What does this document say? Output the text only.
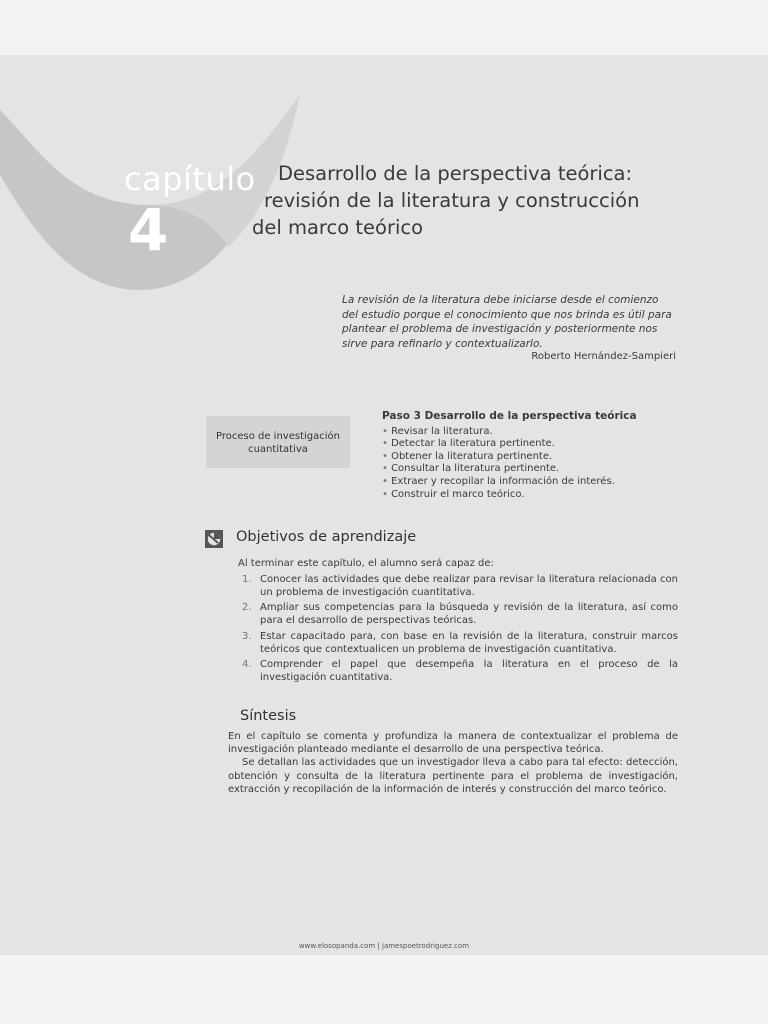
capítulo
4
Desarrollo de la perspectiva teórica:
revisión de la literatura y construcción
del marco teórico
La revisión de la literatura debe iniciarse desde el comienzo del estudio porque el conocimiento que nos brinda es útil para plantear el problema de investigación y posteriormente nos sirve para refinarlo y contextualizarlo.
Roberto Hernández-Sampieri
Proceso de investigación
cuantitativa
Paso 3 Desarrollo de la perspectiva teórica
• Revisar la literatura.
• Detectar la literatura pertinente.
• Obtener la literatura pertinente.
• Consultar la literatura pertinente.
• Extraer y recopilar la información de interés.
• Construir el marco teórico.
Objetivos de aprendizaje
Al terminar este capítulo, el alumno será capaz de:
1. Conocer las actividades que debe realizar para revisar la literatura relacionada con un problema de investigación cuantitativa.
2. Ampliar sus competencias para la búsqueda y revisión de la literatura, así como para el desarrollo de perspectivas teóricas.
3. Estar capacitado para, con base en la revisión de la literatura, construir marcos teóricos que contextualicen un problema de investigación cuantitativa.
4. Comprender el papel que desempeña la literatura en el proceso de la investigación cuantitativa.
Síntesis

En el capítulo se comenta y profundiza la manera de contextualizar el problema de investigación planteado mediante el desarrollo de una perspectiva teórica.

Se detallan las actividades que un investigador lleva a cabo para tal efecto: detección, obtención y consulta de la literatura pertinente para el problema de investigación, extracción y recopilación de la información de interés y construcción del marco teórico.

www.elosopanda.com | jamespoetrodriguez.com
